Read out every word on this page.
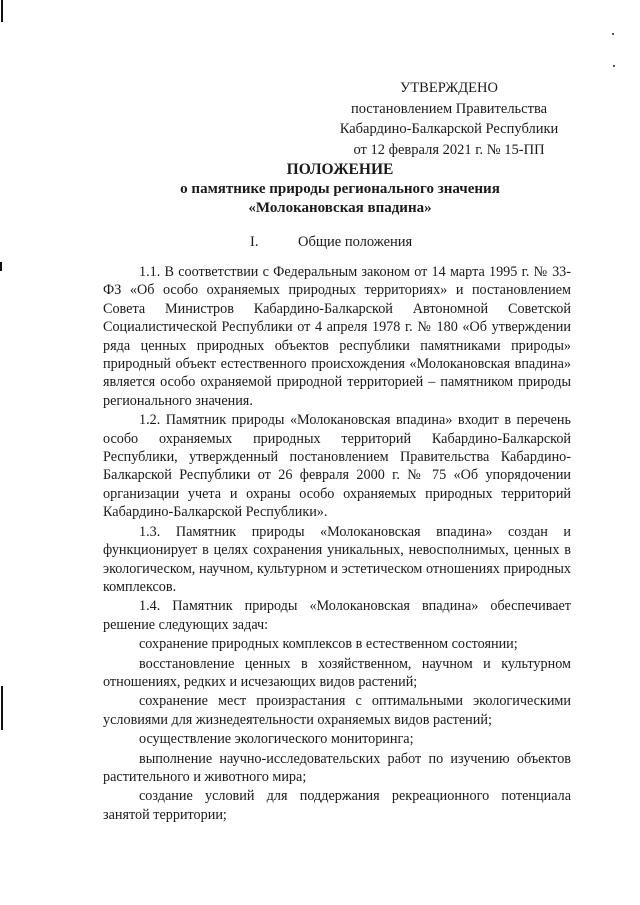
УТВЕРЖДЕНО
постановлением Правительства
Кабардино-Балкарской Республики
от 12 февраля 2021 г. № 15-ПП
ПОЛОЖЕНИЕ
о памятнике природы регионального значения
«Молокановская впадина»
I.	Общие положения

1.1. В соответствии с Федеральным законом от 14 марта 1995 г. № 33-ФЗ «Об особо охраняемых природных территориях» и постановлением Совета Министров Кабардино-Балкарской Автономной Советской Социалистической Республики от 4 апреля 1978 г. № 180 «Об утверждении ряда ценных природных объектов республики памятниками природы» природный объект естественного происхождения «Молокановская впадина» является особо охраняемой природной территорией – памятником природы регионального значения.

1.2. Памятник природы «Молокановская впадина» входит в перечень особо охраняемых природных территорий Кабардино-Балкарской Республики, утвержденный постановлением Правительства Кабардино-Балкарской Республики от 26 февраля 2000 г. № 75 «Об упорядочении организации учета и охраны особо охраняемых природных территорий Кабардино-Балкарской Республики».

1.3. Памятник природы «Молокановская впадина» создан и функционирует в целях сохранения уникальных, невосполнимых, ценных в экологическом, научном, культурном и эстетическом отношениях природных комплексов.

1.4. Памятник природы «Молокановская впадина» обеспечивает решение следующих задач:

сохранение природных комплексов в естественном состоянии;

восстановление ценных в хозяйственном, научном и культурном отношениях, редких и исчезающих видов растений;

сохранение мест произрастания с оптимальными экологическими условиями для жизнедеятельности охраняемых видов растений;

осуществление экологического мониторинга;

выполнение научно-исследовательских работ по изучению объектов растительного и животного мира;

создание условий для поддержания рекреационного потенциала занятой территории;
